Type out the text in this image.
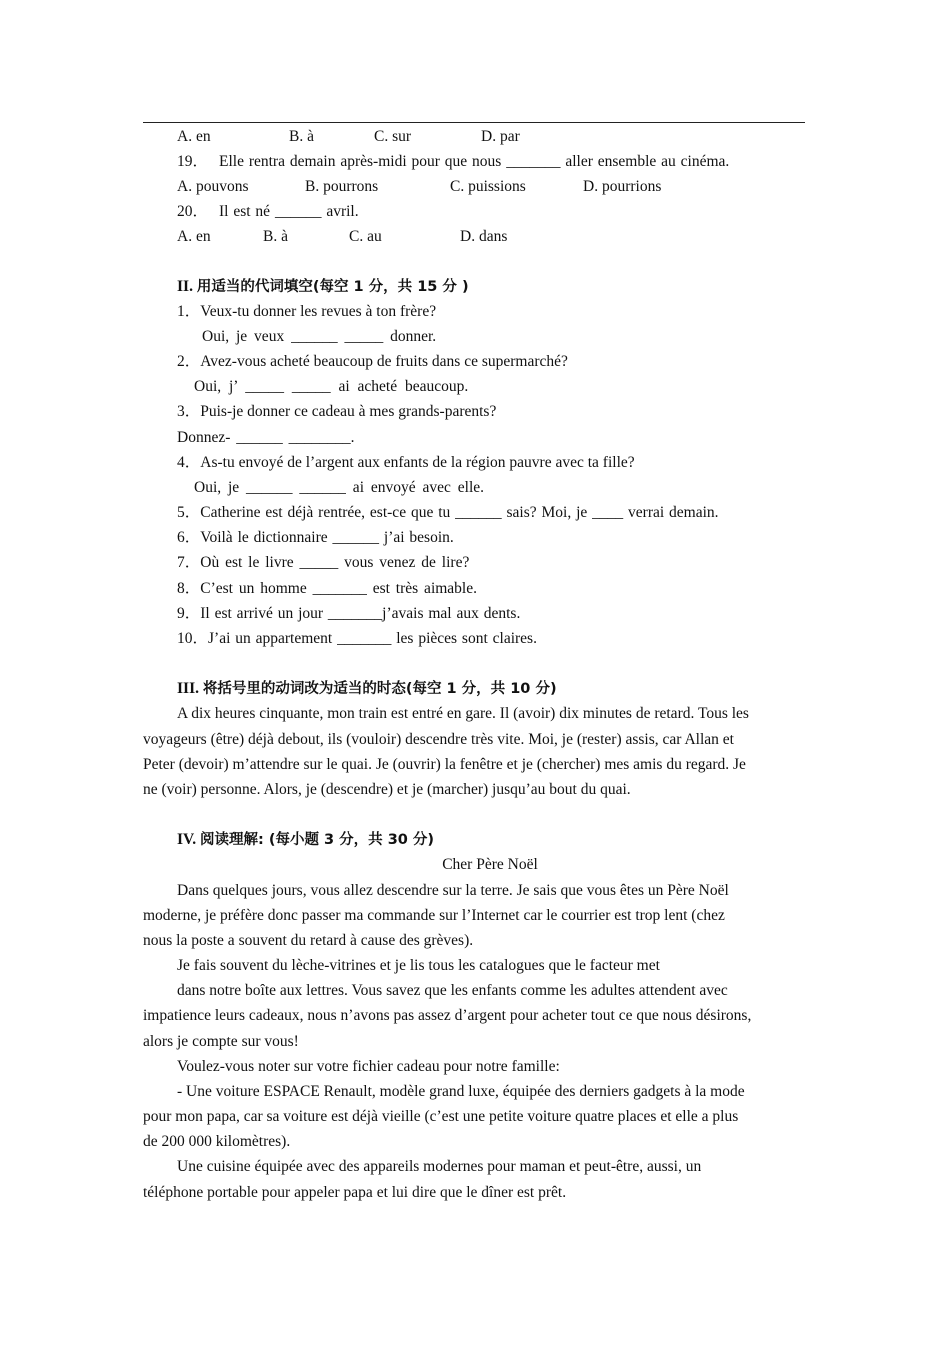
A. en	B. à	C. sur	D. par
19． Elle rentra demain après-midi pour que nous _______ aller ensemble au cinéma.
A. pouvons	B. pourrons	C. puissions	D. pourrions
20． Il est né ______ avril.
A. en	B. à	C. au	D. dans
II. 用适当的代词填空(每空 1 分，共 15 分 )
1．Veux-tu donner les revues à ton frère?
Oui, je veux ______ _____ donner.
2．Avez-vous acheté beaucoup de fruits dans ce supermarché?
Oui, j’ _____ _____ ai acheté beaucoup.
3．Puis-je donner ce cadeau à mes grands-parents?
Donnez- ______ ________.
4．As-tu envoyé de l’argent aux enfants de la région pauvre avec ta fille?
Oui, je ______ ______ ai envoyé avec elle.
5．Catherine est déjà rentrée, est-ce que tu ______ sais? Moi, je ____ verrai demain.
6．Voilà le dictionnaire ______ j’ai besoin.
7．Où est le livre _____ vous venez de lire?
8．C’est un homme _______ est très aimable.
9．Il est arrivé un jour _______j’avais mal aux dents.
10．J’ai un appartement _______ les pièces sont claires.
III. 将括号里的动词改为适当的时态(每空 1 分，共 10 分)
A dix heures cinquante, mon train est entré en gare. Il (avoir) dix minutes de retard. Tous les
voyageurs (être) déjà debout, ils (vouloir) descendre très vite. Moi, je (rester) assis, car Allan et
Peter (devoir) m’attendre sur le quai. Je (ouvrir) la fenêtre et je (chercher) mes amis du regard. Je
ne (voir) personne. Alors, je (descendre) et je (marcher) jusqu’au bout du quai.
IV. 阅读理解: (每小题 3 分，共 30 分)
Cher Père Noël
Dans quelques jours, vous allez descendre sur la terre. Je sais que vous êtes un Père Noël
moderne, je préfère donc passer ma commande sur l’Internet car le courrier est trop lent (chez
nous la poste a souvent du retard à cause des grèves).
Je fais souvent du lèche-vitrines et je lis tous les catalogues que le facteur met
dans notre boîte aux lettres. Vous savez que les enfants comme les adultes attendent avec
impatience leurs cadeaux, nous n’avons pas assez d’argent pour acheter tout ce que nous désirons,
alors je compte sur vous!
Voulez-vous noter sur votre fichier cadeau pour notre famille:
- Une voiture ESPACE Renault, modèle grand luxe, équipée des derniers gadgets à la mode
pour mon papa, car sa voiture est déjà vieille (c’est une petite voiture quatre places et elle a plus
de 200 000 kilomètres).
Une cuisine équipée avec des appareils modernes pour maman et peut-être, aussi, un
téléphone portable pour appeler papa et lui dire que le dîner est prêt.
